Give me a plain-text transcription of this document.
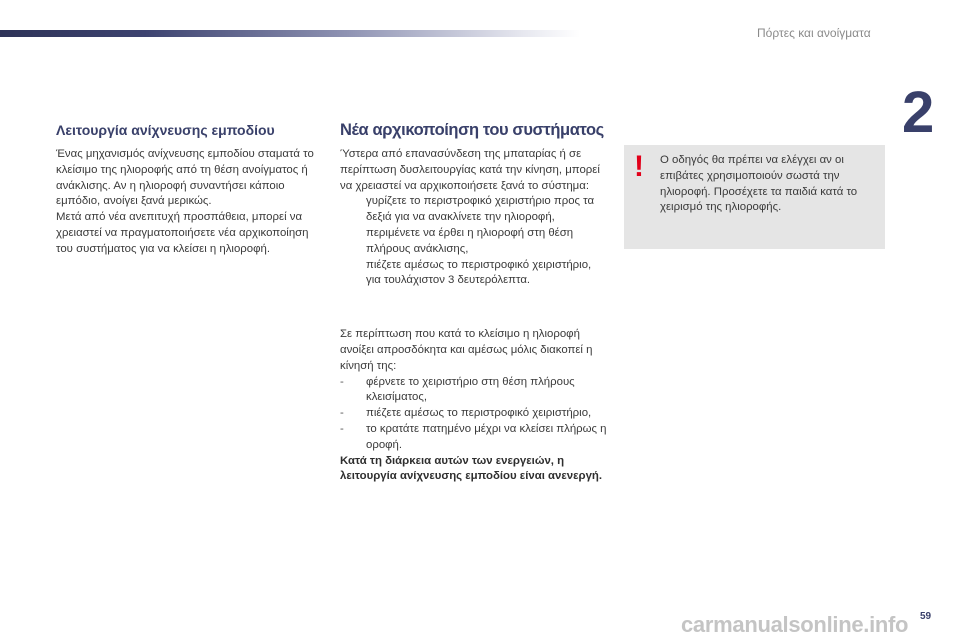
Πόρτες και ανοίγματα
2
Λειτουργία ανίχνευσης εμποδίου

Ένας μηχανισμός ανίχνευσης εμποδίου σταματά το κλείσιμο της ηλιοροφής από τη θέση ανοίγματος ή ανάκλισης. Αν η ηλιοροφή συναντήσει κάποιο εμπόδιο, ανοίγει ξανά μερικώς.

Μετά από νέα ανεπιτυχή προσπάθεια, μπορεί να χρειαστεί να πραγματοποιήσετε νέα αρχικοποίηση του συστήματος για να κλείσει η ηλιοροφή.

Νέα αρχικοποίηση του συστήματος

Ύστερα από επανασύνδεση της μπαταρίας ή σε περίπτωση δυσλειτουργίας κατά την κίνηση, μπορεί να χρειαστεί να αρχικοποιήσετε ξανά το σύστημα:

γυρίζετε το περιστροφικό χειριστήριο προς τα δεξιά για να ανακλίνετε την ηλιοροφή,
περιμένετε να έρθει η ηλιοροφή στη θέση πλήρους ανάκλισης,
πιέζετε αμέσως το περιστροφικό χειριστήριο, για τουλάχιστον 3 δευτερόλεπτα.

Σε περίπτωση που κατά το κλείσιμο η ηλιοροφή ανοίξει απροσδόκητα και αμέσως μόλις διακοπεί η κίνησή της:

-	φέρνετε το χειριστήριο στη θέση πλήρους κλεισίματος,
-	πιέζετε αμέσως το περιστροφικό χειριστήριο,
-	το κρατάτε πατημένο μέχρι να κλείσει πλήρως η οροφή.

Κατά τη διάρκεια αυτών των ενεργειών, η λειτουργία ανίχνευσης εμποδίου είναι ανενεργή.

! Ο οδηγός θα πρέπει να ελέγχει αν οι επιβάτες χρησιμοποιούν σωστά την ηλιοροφή. Προσέχετε τα παιδιά κατά το χειρισμό της ηλιοροφής.
carmanualsonline.info 59
